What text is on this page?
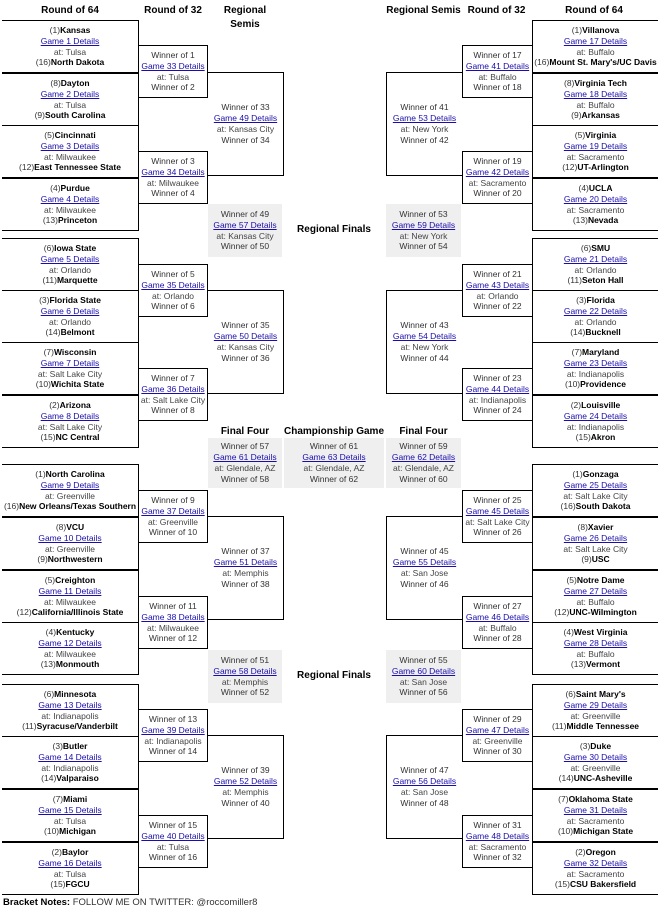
Round of 64	Round of 32	Regional Semis
Regional Semis Round of 32	Round of 64
Regional Finals
Regional Finals
Final Four	Championship Game	Final Four
Bracket Notes: FOLLOW ME ON TWITTER: @roccomiller8
(1)Kansas
Game 1 Details
at: Tulsa
(16)North Dakota
(8)Dayton
Game 2 Details
at: Tulsa
(9)South Carolina
(5)Cincinnati
Game 3 Details
at: Milwaukee
(12)East Tennessee State
(4)Purdue
Game 4 Details
at: Milwaukee
(13)Princeton
(6)Iowa State
Game 5 Details
at: Orlando
(11)Marquette
(3)Florida State
Game 6 Details
at: Orlando
(14)Belmont
(7)Wisconsin
Game 7 Details
at: Salt Lake City
(10)Wichita State
(2)Arizona
Game 8 Details
at: Salt Lake City
(15)NC Central
(1)North Carolina
Game 9 Details
at: Greenville
(16)New Orleans/Texas Southern
(8)VCU
Game 10 Details
at: Greenville
(9)Northwestern
(5)Creighton
Game 11 Details
at: Milwaukee
(12)California/Illinois State
(4)Kentucky
Game 12 Details
at: Milwaukee
(13)Monmouth
(6)Minnesota
Game 13 Details
at: Indianapolis
(11)Syracuse/Vanderbilt
(3)Butler
Game 14 Details
at: Indianapolis
(14)Valparaiso
(7)Miami
Game 15 Details
at: Tulsa
(10)Michigan
(2)Baylor
Game 16 Details
at: Tulsa
(15)FGCU
(1)Villanova
Game 17 Details
at: Buffalo
(16)Mount St. Mary's/UC Davis
(8)Virginia Tech
Game 18 Details
at: Buffalo
(9)Arkansas
(5)Virginia
Game 19 Details
at: Sacramento
(12)UT-Arlington
(4)UCLA
Game 20 Details
at: Sacramento
(13)Nevada
(6)SMU
Game 21 Details
at: Orlando
(11)Seton Hall
(3)Florida
Game 22 Details
at: Orlando
(14)Bucknell
(7)Maryland
Game 23 Details
at: Indianapolis
(10)Providence
(2)Louisville
Game 24 Details
at: Indianapolis
(15)Akron
(1)Gonzaga
Game 25 Details
at: Salt Lake City
(16)South Dakota
(8)Xavier
Game 26 Details
at: Salt Lake City
(9)USC
(5)Notre Dame
Game 27 Details
at: Buffalo
(12)UNC-Wilmington
(4)West Virginia
Game 28 Details
at: Buffalo
(13)Vermont
(6)Saint Mary's
Game 29 Details
at: Greenville
(11)Middle Tennessee
(3)Duke
Game 30 Details
at: Greenville
(14)UNC-Asheville
(7)Oklahoma State
Game 31 Details
at: Sacramento
(10)Michigan State
(2)Oregon
Game 32 Details
at: Sacramento
(15)CSU Bakersfield
Winner of 1
Game 33 Details
at: Tulsa
Winner of 2
Winner of 3
Game 34 Details
at: Milwaukee
Winner of 4
Winner of 5
Game 35 Details
at: Orlando
Winner of 6
Winner of 7
Game 36 Details
at: Salt Lake City
Winner of 8
Winner of 9
Game 37 Details
at: Greenville
Winner of 10
Winner of 11
Game 38 Details
at: Milwaukee
Winner of 12
Winner of 13
Game 39 Details
at: Indianapolis
Winner of 14
Winner of 15
Game 40 Details
at: Tulsa
Winner of 16
Winner of 17
Game 41 Details
at: Buffalo
Winner of 18
Winner of 19
Game 42 Details
at: Sacramento
Winner of 20
Winner of 21
Game 43 Details
at: Orlando
Winner of 22
Winner of 23
Game 44 Details
at: Indianapolis
Winner of 24
Winner of 25
Game 45 Details
at: Salt Lake City
Winner of 26
Winner of 27
Game 46 Details
at: Buffalo
Winner of 28
Winner of 29
Game 47 Details
at: Greenville
Winner of 30
Winner of 31
Game 48 Details
at: Sacramento
Winner of 32
Winner of 33
Game 49 Details
at: Kansas City
Winner of 34
Winner of 35
Game 50 Details
at: Kansas City
Winner of 36
Winner of 37
Game 51 Details
at: Memphis
Winner of 38
Winner of 39
Game 52 Details
at: Memphis
Winner of 40
Winner of 41
Game 53 Details
at: New York
Winner of 42
Winner of 43
Game 54 Details
at: New York
Winner of 44
Winner of 45
Game 55 Details
at: San Jose
Winner of 46
Winner of 47
Game 56 Details
at: San Jose
Winner of 48
Winner of 49
Game 57 Details
at: Kansas City
Winner of 50
Winner of 51
Game 58 Details
at: Memphis
Winner of 52
Winner of 53
Game 59 Details
at: New York
Winner of 54
Winner of 55
Game 60 Details
at: San Jose
Winner of 56
Winner of 57
Game 61 Details
at: Glendale, AZ
Winner of 58
Winner of 59
Game 62 Details
at: Glendale, AZ
Winner of 60
Winner of 61
Game 63 Details
at: Glendale, AZ
Winner of 62
